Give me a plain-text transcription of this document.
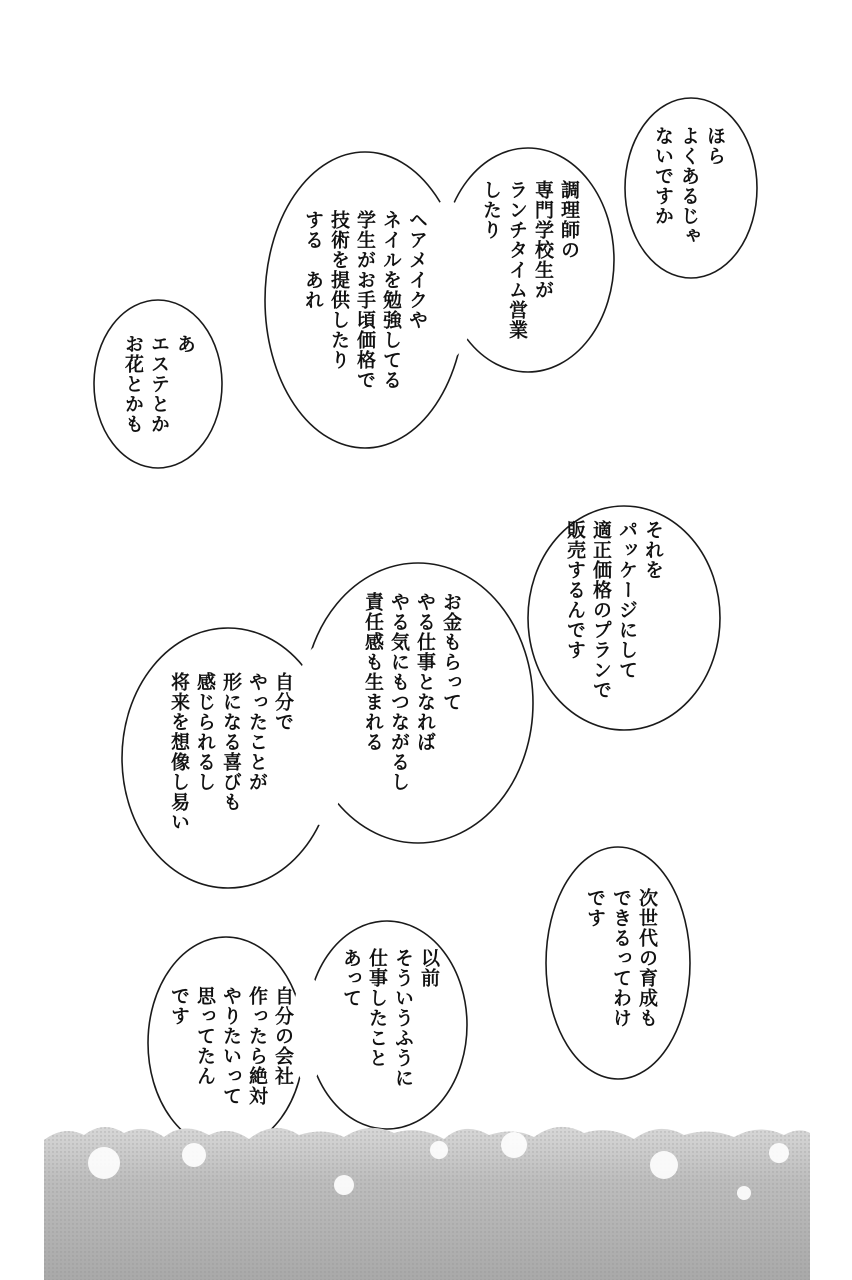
ほら
よくあるじゃ
ないですか
調理師の
専門学校生が
ランチタイム営業
したり
ヘアメイクや
ネイルを勉強してる
学生がお手頃価格で
技術を提供したり
する　あれ
あ
エステとか
お花とかも
それを
パッケージにして
適正価格のプランで
販売するんです
お金もらって
やる仕事となれば
やる気にもつながるし
責任感も生まれる
自分で
やったことが
形になる喜びも
感じられるし
将来を想像し易い
次世代の育成も
できるってわけ
です
以前
そういうふうに
仕事したこと
あって
自分の会社
作ったら絶対
やりたいって
思ってたん
です
